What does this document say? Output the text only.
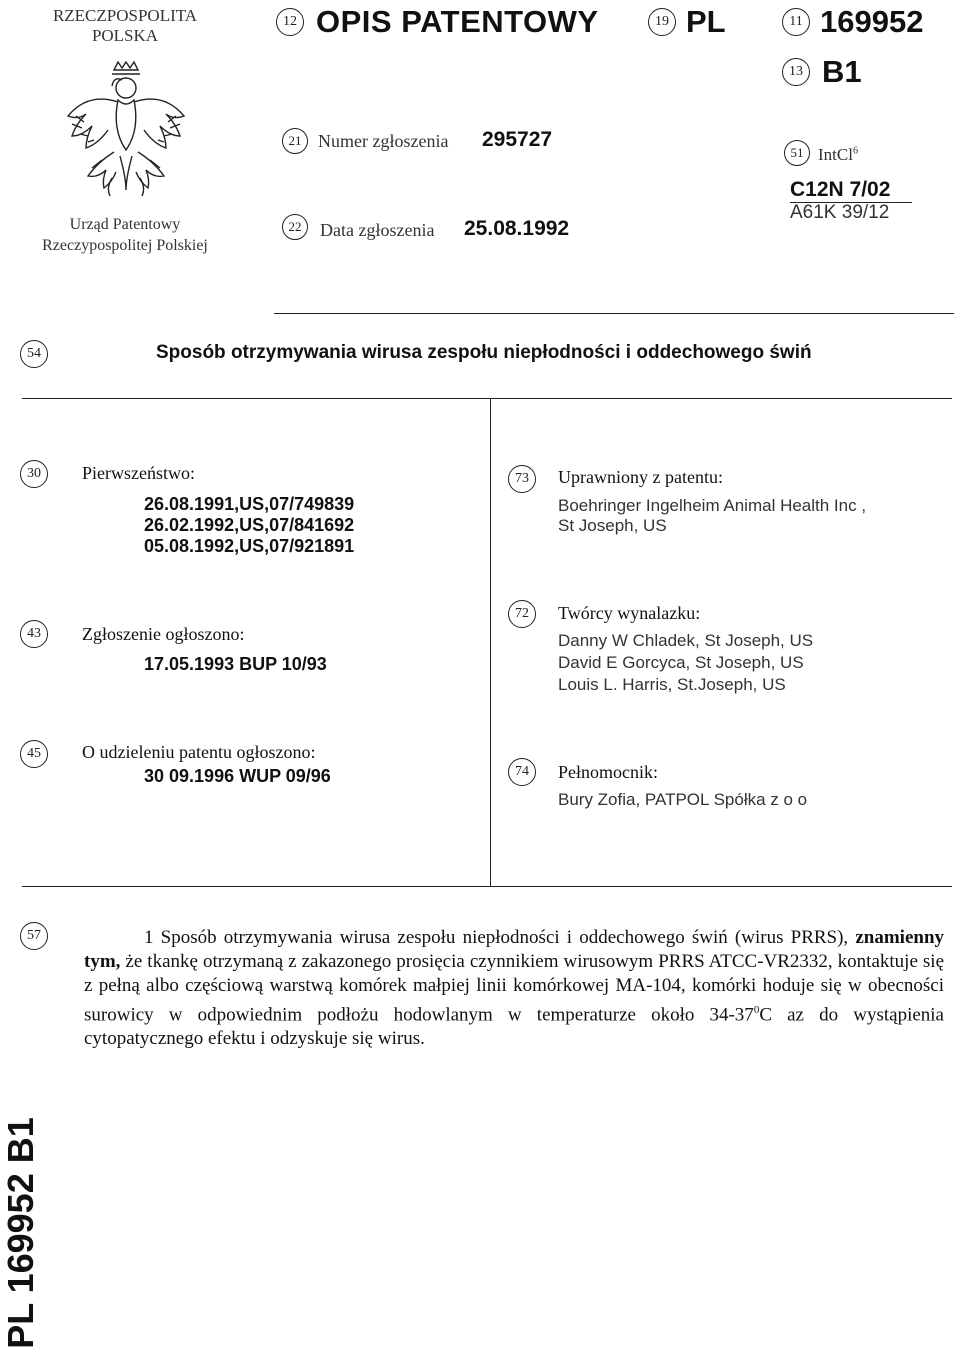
RZECZPOSPOLITA
POLSKA
Urząd Patentowy
Rzeczypospolitej Polskiej
12 OPIS PATENTOWY	19 PL	11 169952
13 B1
21 Numer zgłoszenia 295727
22	Data zgłoszenia 25.08.1992
51 IntCl$^6$
C12N 7/02
A61K 39/12
54	Sposób otrzymywania wirusa zespołu niepłodności i oddechowego świń
30	Pierwszeństwo:
26.08.1991,US,07/749839
26.02.1992,US,07/841692
05.08.1992,US,07/921891
73	Uprawniony z patentu:
Boehringer Ingelheim Animal Health Inc ,
St Joseph, US
72	Twórcy wynalazku:
Danny W Chladek, St Joseph, US
David E Gorcyca, St Joseph, US
Louis L. Harris, St.Joseph, US
43	Zgłoszenie ogłoszono:
17.05.1993 BUP 10/93
45	O udzieleniu patentu ogłoszono:
30 09.1996 WUP 09/96	74	Pełnomocnik:
Bury Zofia, PATPOL Spółka z o o
57	1 Sposób otrzymywania wirusa zespołu niepłodności i oddechowego świń (wirus PRRS), znamienny tym, że tkankę otrzymaną z zakazonego prosięcia czynnikiem wirusowym PRRS ATCC-VR2332, kontaktuje się z pełną albo częściową warstwą komórek małpiej linii komórkowej MA-104, komórki hoduje się w obecności surowicy w odpowiednim podłożu hodowlanym w temperaturze około $34-37^0C$ az do wystąpienia cytopatycznego efektu i odzyskuje się wirus.
PL 169952 B1
